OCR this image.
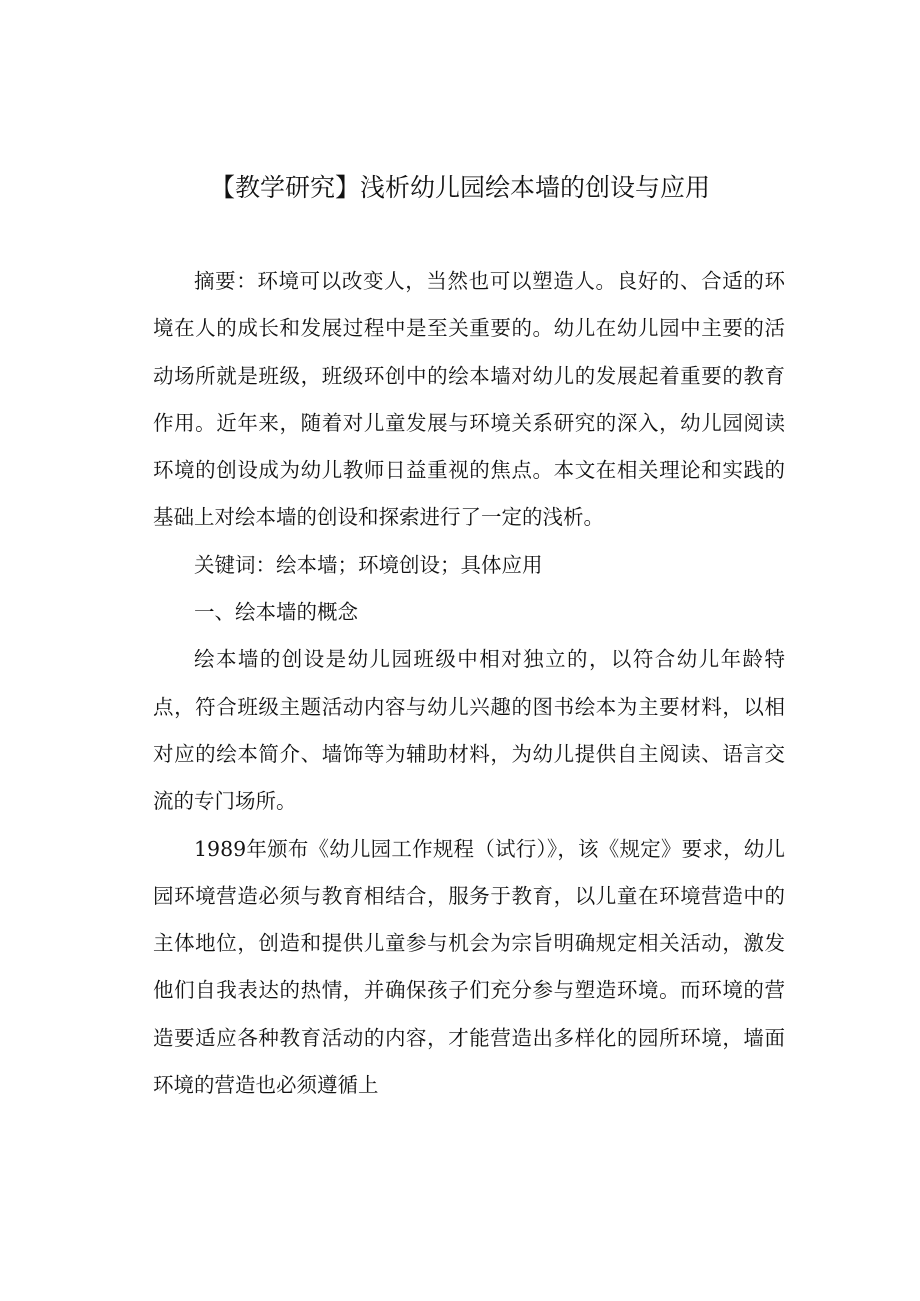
【教学研究】浅析幼儿园绘本墙的创设与应用

摘要：环境可以改变人，当然也可以塑造人。良好的、合适的环境在人的成长和发展过程中是至关重要的。幼儿在幼儿园中主要的活动场所就是班级，班级环创中的绘本墙对幼儿的发展起着重要的教育作用。近年来，随着对儿童发展与环境关系研究的深入，幼儿园阅读环境的创设成为幼儿教师日益重视的焦点。本文在相关理论和实践的基础上对绘本墙的创设和探索进行了一定的浅析。

关键词：绘本墙；环境创设；具体应用

一、绘本墙的概念

绘本墙的创设是幼儿园班级中相对独立的，以符合幼儿年龄特点，符合班级主题活动内容与幼儿兴趣的图书绘本为主要材料，以相对应的绘本简介、墙饰等为辅助材料，为幼儿提供自主阅读、语言交流的专门场所。

1989年颁布《幼儿园工作规程（试行）》，该《规定》要求，幼儿园环境营造必须与教育相结合，服务于教育，以儿童在环境营造中的主体地位，创造和提供儿童参与机会为宗旨明确规定相关活动，激发他们自我表达的热情，并确保孩子们充分参与塑造环境。而环境的营造要适应各种教育活动的内容，才能营造出多样化的园所环境，墙面环境的营造也必须遵循上
